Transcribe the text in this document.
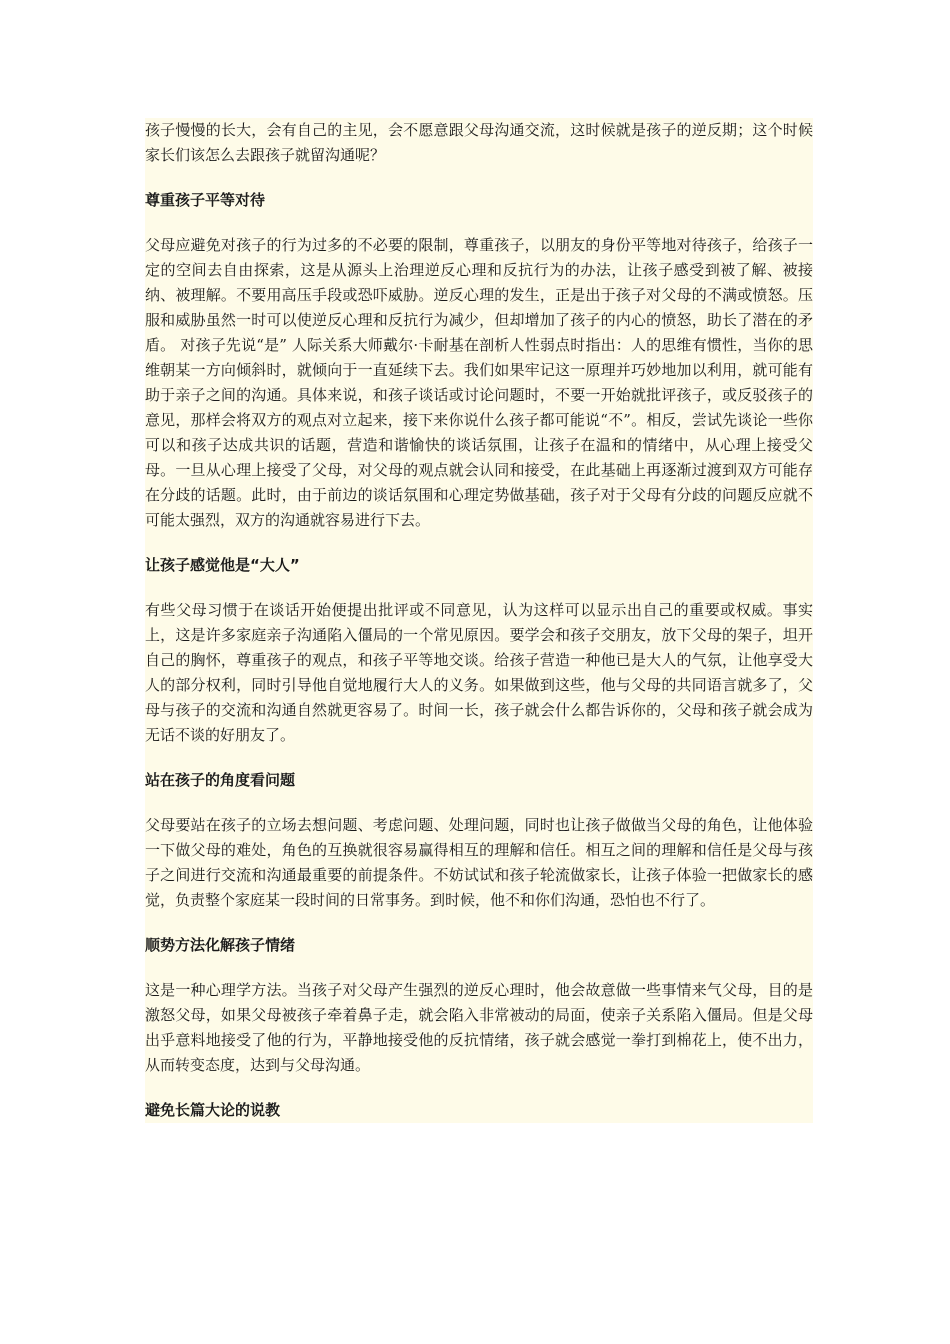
孩子慢慢的长大，会有自己的主见，会不愿意跟父母沟通交流，这时候就是孩子的逆反期；这个时候家长们该怎么去跟孩子就留沟通呢？

尊重孩子平等对待

父母应避免对孩子的行为过多的不必要的限制，尊重孩子，以朋友的身份平等地对待孩子，给孩子一定的空间去自由探索，这是从源头上治理逆反心理和反抗行为的办法，让孩子感受到被了解、被接纳、被理解。不要用高压手段或恐吓威胁。逆反心理的发生，正是出于孩子对父母的不满或愤怒。压服和威胁虽然一时可以使逆反心理和反抗行为减少，但却增加了孩子的内心的愤怒，助长了潜在的矛盾。 对孩子先说“是” 人际关系大师戴尔·卡耐基在剖析人性弱点时指出：人的思维有惯性，当你的思维朝某一方向倾斜时，就倾向于一直延续下去。我们如果牢记这一原理并巧妙地加以利用，就可能有助于亲子之间的沟通。具体来说，和孩子谈话或讨论问题时，不要一开始就批评孩子，或反驳孩子的意见，那样会将双方的观点对立起来，接下来你说什么孩子都可能说“不”。相反，尝试先谈论一些你可以和孩子达成共识的话题，营造和谐愉快的谈话氛围，让孩子在温和的情绪中，从心理上接受父母。一旦从心理上接受了父母，对父母的观点就会认同和接受，在此基础上再逐渐过渡到双方可能存在分歧的话题。此时，由于前边的谈话氛围和心理定势做基础，孩子对于父母有分歧的问题反应就不可能太强烈，双方的沟通就容易进行下去。

让孩子感觉他是“大人”

有些父母习惯于在谈话开始便提出批评或不同意见，认为这样可以显示出自己的重要或权威。事实上，这是许多家庭亲子沟通陷入僵局的一个常见原因。要学会和孩子交朋友，放下父母的架子，坦开自己的胸怀，尊重孩子的观点，和孩子平等地交谈。给孩子营造一种他已是大人的气氛，让他享受大人的部分权利，同时引导他自觉地履行大人的义务。如果做到这些，他与父母的共同语言就多了，父母与孩子的交流和沟通自然就更容易了。时间一长，孩子就会什么都告诉你的，父母和孩子就会成为无话不谈的好朋友了。

站在孩子的角度看问题

父母要站在孩子的立场去想问题、考虑问题、处理问题，同时也让孩子做做当父母的角色，让他体验一下做父母的难处，角色的互换就很容易赢得相互的理解和信任。相互之间的理解和信任是父母与孩子之间进行交流和沟通最重要的前提条件。不妨试试和孩子轮流做家长，让孩子体验一把做家长的感觉，负责整个家庭某一段时间的日常事务。到时候，他不和你们沟通，恐怕也不行了。

顺势方法化解孩子情绪

这是一种心理学方法。当孩子对父母产生强烈的逆反心理时，他会故意做一些事情来气父母，目的是激怒父母，如果父母被孩子牵着鼻子走，就会陷入非常被动的局面，使亲子关系陷入僵局。但是父母出乎意料地接受了他的行为，平静地接受他的反抗情绪，孩子就会感觉一拳打到棉花上，使不出力，从而转变态度，达到与父母沟通。

避免长篇大论的说教
